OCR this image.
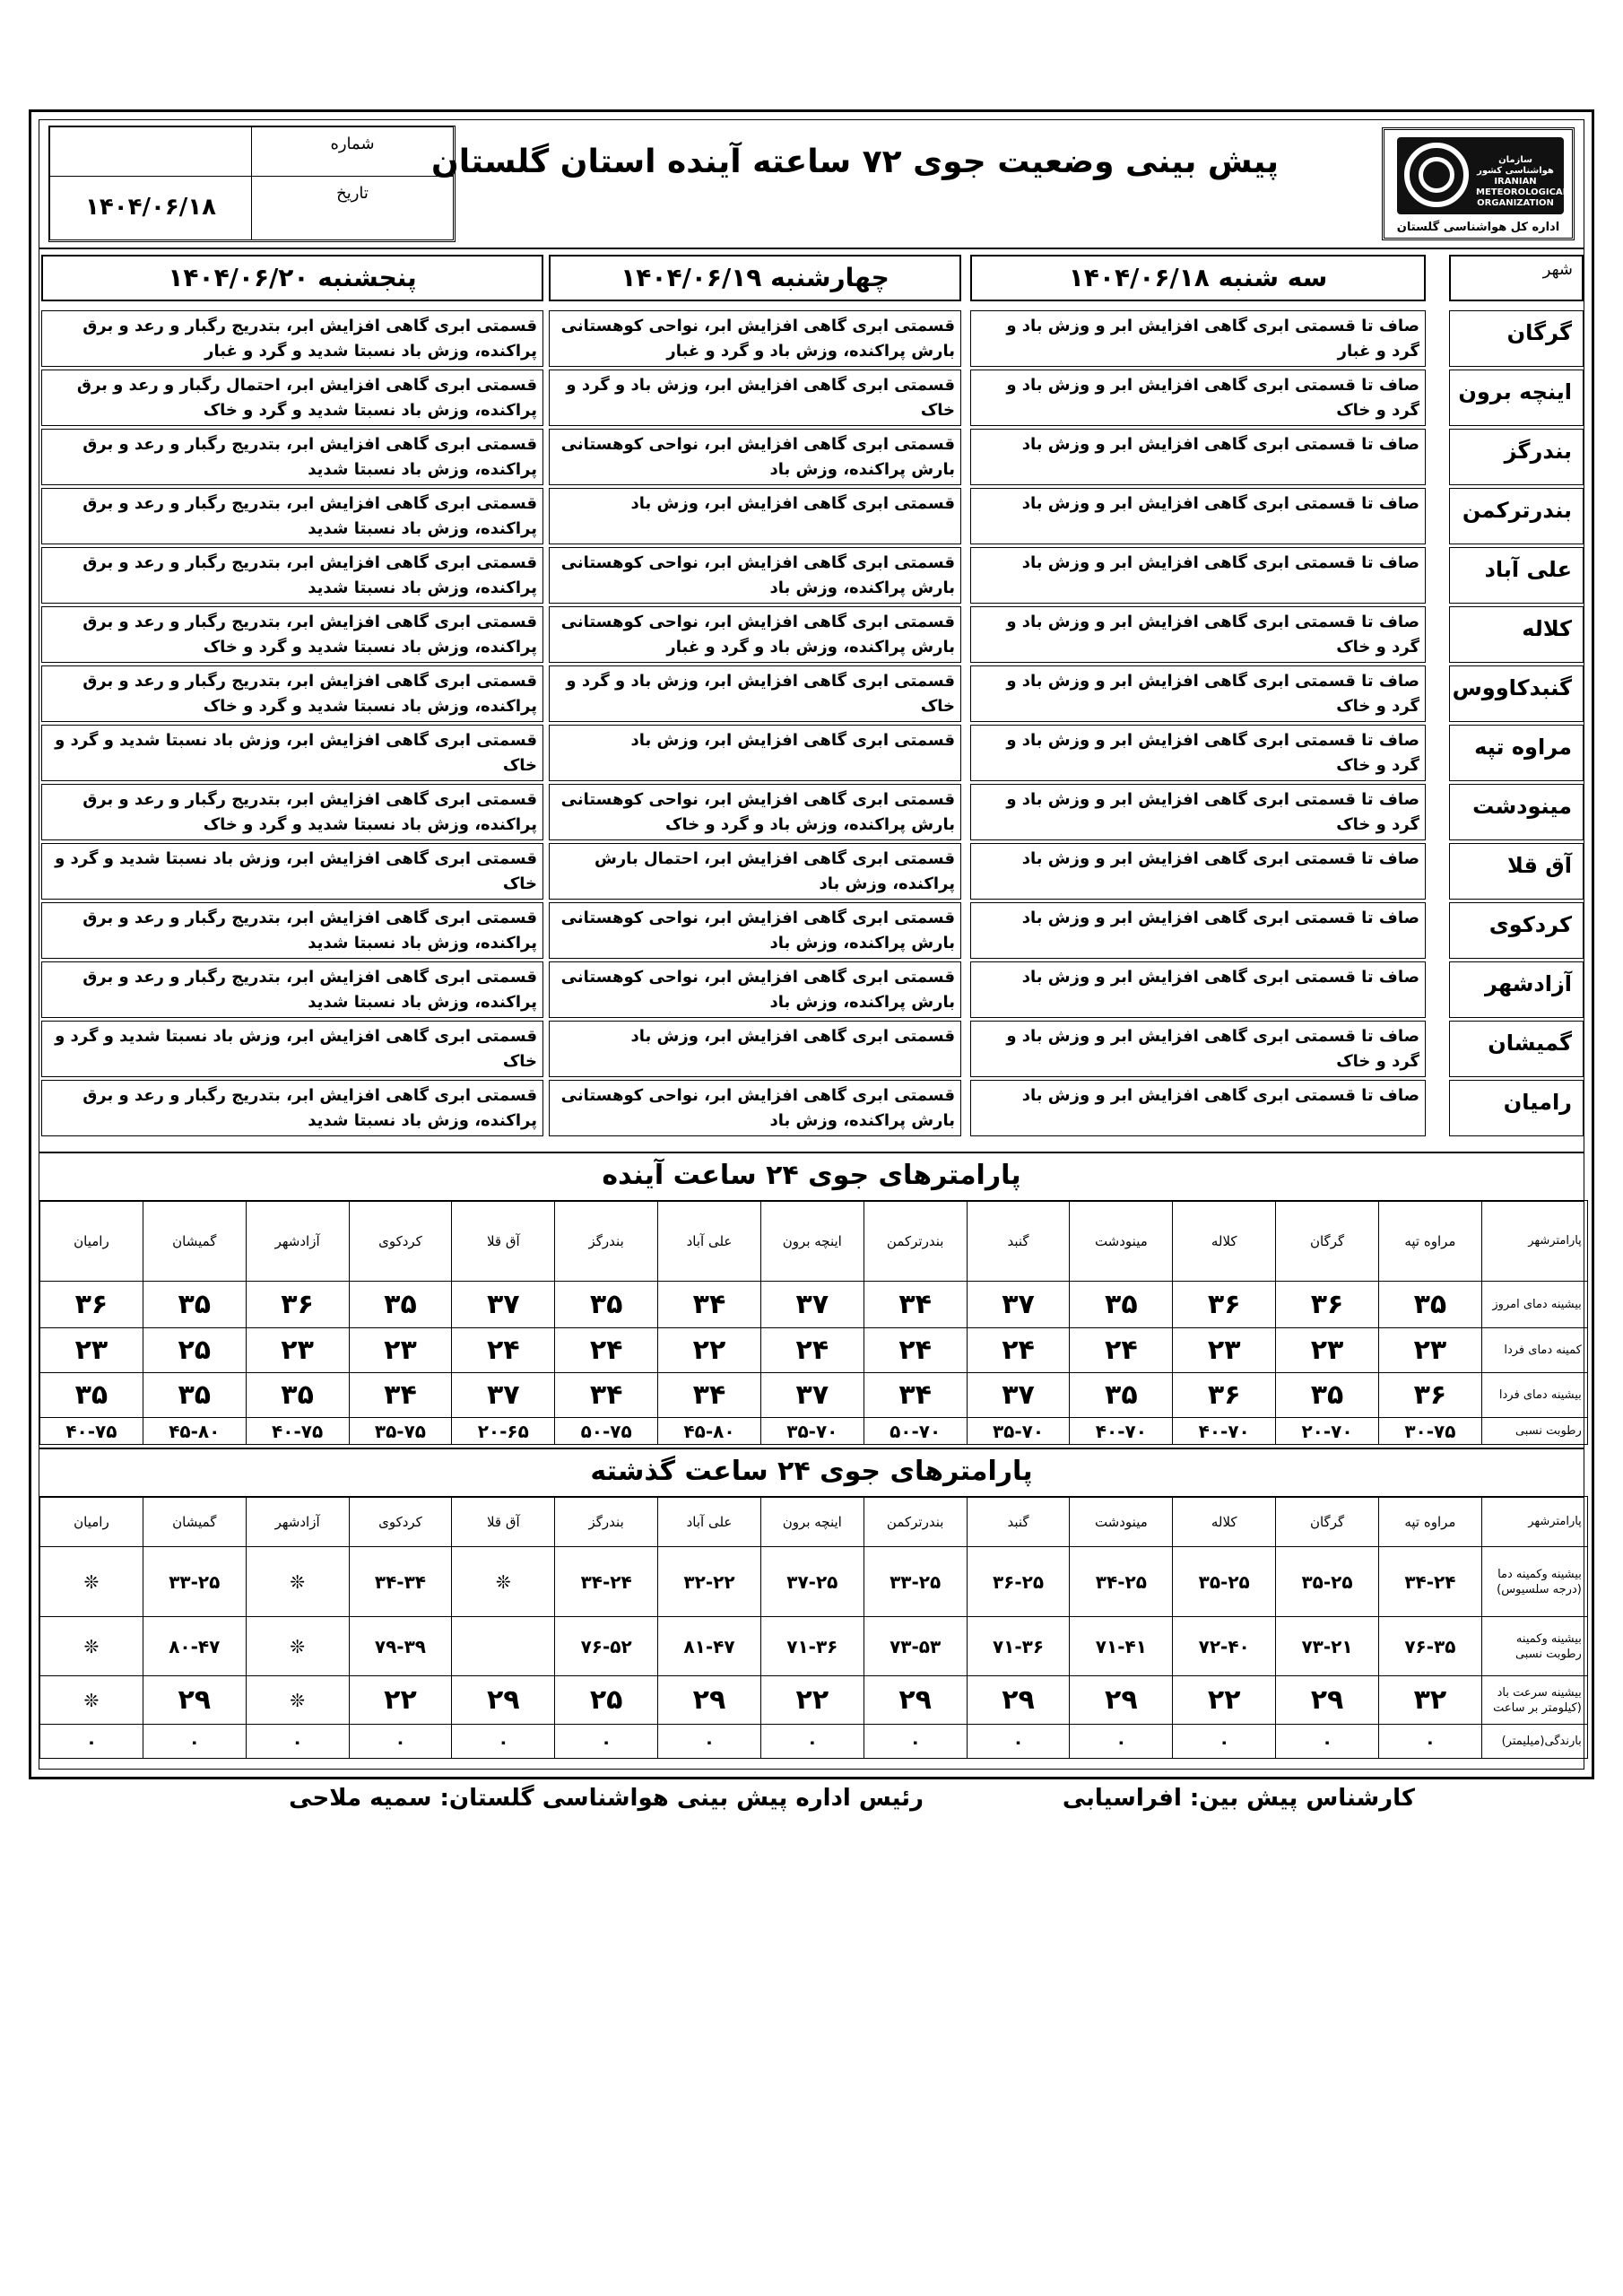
سازمان هواشناسی کشور IRANIAN METEOROLOGICAL ORGANIZATION
اداره کل هواشناسی گلستان
پیش بینی وضعیت جوی ۷۲ ساعته آینده استان گلستان
شماره
تاریخ
۱۴۰۴/۰۶/۱۸
شهر
سه شنبه ۱۴۰۴/۰۶/۱۸
چهارشنبه ۱۴۰۴/۰۶/۱۹
پنجشنبه ۱۴۰۴/۰۶/۲۰
گرگان
صاف تا قسمتی ابری گاهی افزایش ابر و وزش باد و گرد و غبار
قسمتی ابری گاهی افزایش ابر، نواحی کوهستانی بارش پراکنده، وزش باد و گرد و غبار
قسمتی ابری گاهی افزایش ابر، بتدریج رگبار و رعد و برق پراکنده، وزش باد نسبتا شدید و گرد و غبار
اینچه برون
صاف تا قسمتی ابری گاهی افزایش ابر و وزش باد و گرد و خاک
قسمتی ابری گاهی افزایش ابر، وزش باد و گرد و خاک
قسمتی ابری گاهی افزایش ابر، احتمال رگبار و رعد و برق پراکنده، وزش باد نسبتا شدید و گرد و خاک
بندرگز
صاف تا قسمتی ابری گاهی افزایش ابر و وزش باد
قسمتی ابری گاهی افزایش ابر، نواحی کوهستانی بارش پراکنده، وزش باد
قسمتی ابری گاهی افزایش ابر، بتدریج رگبار و رعد و برق پراکنده، وزش باد نسبتا شدید
بندرترکمن
صاف تا قسمتی ابری گاهی افزایش ابر و وزش باد
قسمتی ابری گاهی افزایش ابر، وزش باد
قسمتی ابری گاهی افزایش ابر، بتدریج رگبار و رعد و برق پراکنده، وزش باد نسبتا شدید
علی آباد
صاف تا قسمتی ابری گاهی افزایش ابر و وزش باد
قسمتی ابری گاهی افزایش ابر، نواحی کوهستانی بارش پراکنده، وزش باد
قسمتی ابری گاهی افزایش ابر، بتدریج رگبار و رعد و برق پراکنده، وزش باد نسبتا شدید
کلاله
صاف تا قسمتی ابری گاهی افزایش ابر و وزش باد و گرد و خاک
قسمتی ابری گاهی افزایش ابر، نواحی کوهستانی بارش پراکنده، وزش باد و گرد و غبار
قسمتی ابری گاهی افزایش ابر، بتدریج رگبار و رعد و برق پراکنده، وزش باد نسبتا شدید و گرد و خاک
گنبدکاووس
صاف تا قسمتی ابری گاهی افزایش ابر و وزش باد و گرد و خاک
قسمتی ابری گاهی افزایش ابر، وزش باد و گرد و خاک
قسمتی ابری گاهی افزایش ابر، بتدریج رگبار و رعد و برق پراکنده، وزش باد نسبتا شدید و گرد و خاک
مراوه تپه
صاف تا قسمتی ابری گاهی افزایش ابر و وزش باد و گرد و خاک
قسمتی ابری گاهی افزایش ابر، وزش باد
قسمتی ابری گاهی افزایش ابر، وزش باد نسبتا شدید و گرد و خاک
مینودشت
صاف تا قسمتی ابری گاهی افزایش ابر و وزش باد و گرد و خاک
قسمتی ابری گاهی افزایش ابر، نواحی کوهستانی بارش پراکنده، وزش باد و گرد و خاک
قسمتی ابری گاهی افزایش ابر، بتدریج رگبار و رعد و برق پراکنده، وزش باد نسبتا شدید و گرد و خاک
آق قلا
صاف تا قسمتی ابری گاهی افزایش ابر و وزش باد
قسمتی ابری گاهی افزایش ابر، احتمال بارش پراکنده، وزش باد
قسمتی ابری گاهی افزایش ابر، وزش باد نسبتا شدید و گرد و خاک
کردکوی
صاف تا قسمتی ابری گاهی افزایش ابر و وزش باد
قسمتی ابری گاهی افزایش ابر، نواحی کوهستانی بارش پراکنده، وزش باد
قسمتی ابری گاهی افزایش ابر، بتدریج رگبار و رعد و برق پراکنده، وزش باد نسبتا شدید
آزادشهر
صاف تا قسمتی ابری گاهی افزایش ابر و وزش باد
قسمتی ابری گاهی افزایش ابر، نواحی کوهستانی بارش پراکنده، وزش باد
قسمتی ابری گاهی افزایش ابر، بتدریج رگبار و رعد و برق پراکنده، وزش باد نسبتا شدید
گمیشان
صاف تا قسمتی ابری گاهی افزایش ابر و وزش باد و گرد و خاک
قسمتی ابری گاهی افزایش ابر، وزش باد
قسمتی ابری گاهی افزایش ابر، وزش باد نسبتا شدید و گرد و خاک
رامیان
صاف تا قسمتی ابری گاهی افزایش ابر و وزش باد
قسمتی ابری گاهی افزایش ابر، نواحی کوهستانی بارش پراکنده، وزش باد
قسمتی ابری گاهی افزایش ابر، بتدریج رگبار و رعد و برق پراکنده، وزش باد نسبتا شدید
پارامترهای جوی ۲۴ ساعت آینده
پارامترشهر	مراوه تپه	گرگان	کلاله	مینودشت	گنبد	بندرترکمن	اینچه برون	علی آباد	بندرگز	آق قلا	کردکوی	آزادشهر	گمیشان	رامیان
بیشینه دمای امروز	۳۵	۳۶	۳۶	۳۵	۳۷	۳۴	۳۷	۳۴	۳۵	۳۷	۳۵	۳۶	۳۵	۳۶
کمینه دمای فردا	۲۳	۲۳	۲۳	۲۴	۲۴	۲۴	۲۴	۲۲	۲۴	۲۴	۲۳	۲۳	۲۵	۲۳
بیشینه دمای فردا	۳۶	۳۵	۳۶	۳۵	۳۷	۳۴	۳۷	۳۴	۳۴	۳۷	۳۴	۳۵	۳۵	۳۵
رطوبت نسبی	۳۰-۷۵	۲۰-۷۰	۴۰-۷۰	۴۰-۷۰	۳۵-۷۰	۵۰-۷۰	۳۵-۷۰	۴۵-۸۰	۵۰-۷۵	۲۰-۶۵	۳۵-۷۵	۴۰-۷۵	۴۵-۸۰	۴۰-۷۵
پارامترهای جوی ۲۴ ساعت گذشته
پارامترشهر	مراوه تپه	گرگان	کلاله	مینودشت	گنبد	بندرترکمن	اینچه برون	علی آباد	بندرگز	آق قلا	کردکوی	آزادشهر	گمیشان	رامیان
بیشینه وکمینه دما (درجه سلسیوس)	۳۴-۲۴	۳۵-۲۵	۳۵-۲۵	۳۴-۲۵	۳۶-۲۵	۳۳-۲۵	۳۷-۲۵	۳۲-۲۲	۳۴-۲۴	❊	۳۴-۳۴	❊	۳۳-۲۵	❊
بیشینه وکمینه رطوبت نسبی	۷۶-۳۵	۷۳-۲۱	۷۲-۴۰	۷۱-۴۱	۷۱-۳۶	۷۳-۵۳	۷۱-۳۶	۸۱-۴۷	۷۶-۵۲		۷۹-۳۹	❊	۸۰-۴۷	❊
بیشینه سرعت باد (کیلومتر بر ساعت	۳۲	۲۹	۲۲	۲۹	۲۹	۲۹	۲۲	۲۹	۲۵	۲۹	۲۲	❊	۲۹	❊
بارندگی(میلیمتر)	۰	۰	۰	۰	۰	۰	۰	۰	۰	۰	۰	۰	۰	۰
کارشناس پیش بین: افراسیابی
رئیس اداره پیش بینی هواشناسی گلستان: سمیه ملاحی
